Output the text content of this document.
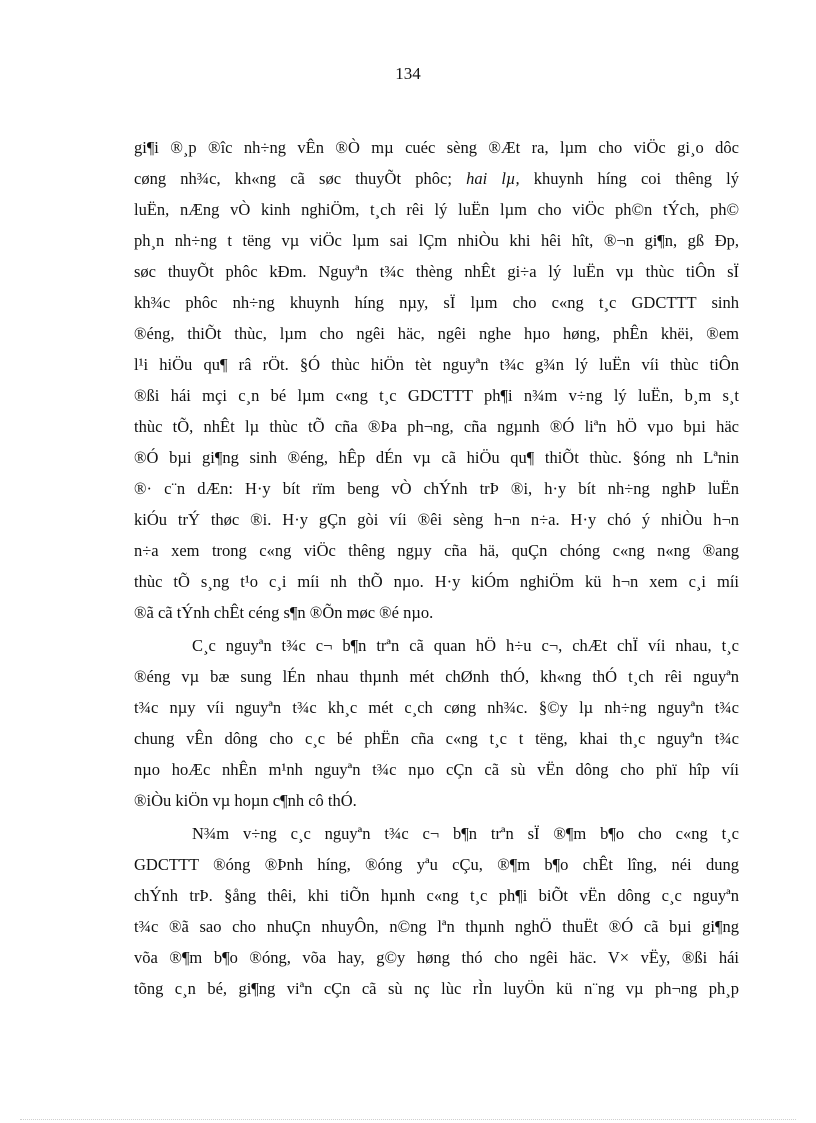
134

gi¶i ®¸p ®îc nh÷ng vÊn ®Ò mµ cuéc sèng ®Æt ra, lµm cho viÖc gi¸o dôc
cøng nh¾c, kh«ng cã søc thuyÕt phôc; hai lµ, khuynh híng coi thêng lý
luËn, nÆng vÒ kinh nghiÖm, t¸ch rêi lý luËn lµm cho viÖc ph©n tÝch, ph©
ph¸n nh÷ng t tëng vµ viÖc lµm sai lÇm nhiÒu khi hêi hît, ®¬n gi¶n, gß Ðp,
søc thuyÕt phôc kÐm. Nguyªn t¾c thèng nhÊt gi÷a lý luËn vµ thùc tiÔn sÏ
kh¾c phôc nh÷ng khuynh híng nµy, sÏ lµm cho c«ng t¸c GDCTTT sinh
®éng, thiÕt thùc, lµm cho ngêi häc, ngêi nghe hµo høng, phÊn khëi, ®em
l¹i hiÖu qu¶ râ rÖt. §Ó thùc hiÖn tèt nguyªn t¾c g¾n lý luËn víi thùc tiÔn
®ßi hái mçi c¸n bé lµm c«ng t¸c GDCTTT ph¶i n¾m v÷ng lý luËn, b¸m s¸t
thùc tÕ, nhÊt lµ thùc tÕ cña ®Þa ph¬ng, cña ngµnh ®Ó liªn hÖ vµo bµi häc
®Ó bµi gi¶ng sinh ®éng, hÊp dÉn vµ cã hiÖu qu¶ thiÕt thùc. §óng nh Lªnin
®· c¨n dÆn: H·y bít rïm beng vÒ chÝnh trÞ ®i, h·y bít nh÷ng nghÞ luËn
kiÓu trÝ thøc ®i. H·y gÇn gòi víi ®êi sèng h¬n n÷a. H·y chó ý nhiÒu h¬n
n÷a xem trong c«ng viÖc thêng ngµy cña hä, quÇn chóng c«ng n«ng ®ang
thùc tÕ s¸ng t¹o c¸i míi nh thÕ nµo. H·y kiÓm nghiÖm kü h¬n xem c¸i míi
®ã cã tÝnh chÊt céng s¶n ®Õn møc ®é nµo.

C¸c nguyªn t¾c c¬ b¶n trªn cã quan hÖ h÷u c¬, chÆt chÏ víi nhau, t¸c
®éng vµ bæ sung lÉn nhau thµnh mét chØnh thÓ, kh«ng thÓ t¸ch rêi nguyªn
t¾c nµy víi nguyªn t¾c kh¸c mét c¸ch cøng nh¾c. §©y lµ nh÷ng nguyªn t¾c
chung vÊn dông cho c¸c bé phËn cña c«ng t¸c t tëng, khai th¸c nguyªn t¾c
nµo hoÆc nhÊn m¹nh nguyªn t¾c nµo cÇn cã sù vËn dông cho phï hîp víi
®iÒu kiÖn vµ hoµn c¶nh cô thÓ.

N¾m v÷ng c¸c nguyªn t¾c c¬ b¶n trªn sÏ ®¶m b¶o cho c«ng t¸c
GDCTTT ®óng ®Þnh híng, ®óng yªu cÇu, ®¶m b¶o chÊt lîng, néi dung
chÝnh trÞ. §ång thêi, khi tiÕn hµnh c«ng t¸c ph¶i biÕt vËn dông c¸c nguyªn
t¾c ®ã sao cho nhuÇn nhuyÔn, n©ng lªn thµnh nghÖ thuËt ®Ó cã bµi gi¶ng
võa ®¶m b¶o ®óng, võa hay, g©y høng thó cho ngêi häc. V× vËy, ®ßi hái
tõng c¸n bé, gi¶ng viªn cÇn cã sù nç lùc rÌn luyÖn kü n¨ng vµ ph¬ng ph¸p
